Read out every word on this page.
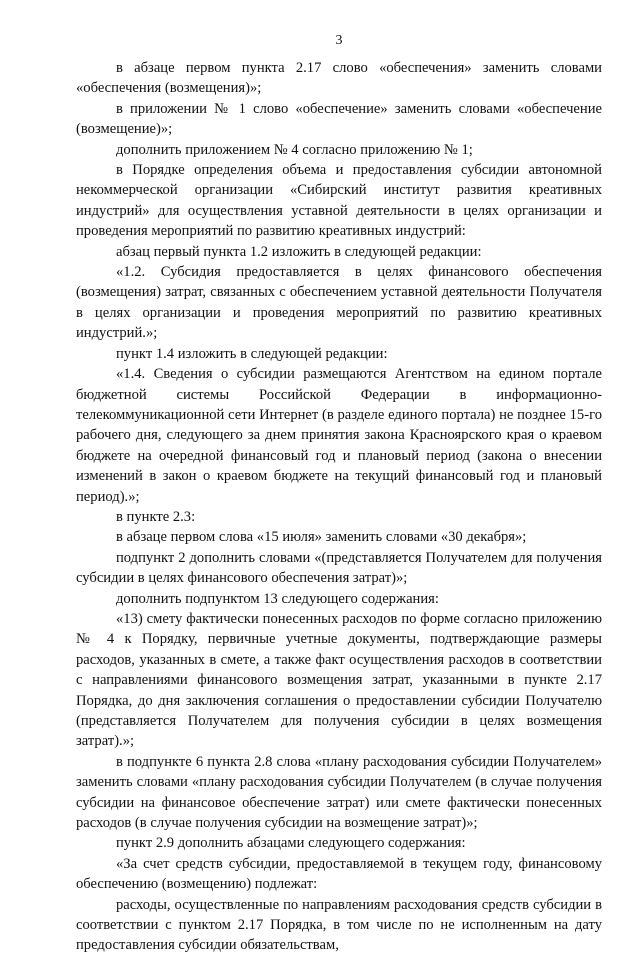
3

в абзаце первом пункта 2.17 слово «обеспечения» заменить словами «обеспечения (возмещения)»;

в приложении № 1 слово «обеспечение» заменить словами «обеспечение (возмещение)»;

дополнить приложением № 4 согласно приложению № 1;

в Порядке определения объема и предоставления субсидии автономной некоммерческой организации «Сибирский институт развития креативных индустрий» для осуществления уставной деятельности в целях организации и проведения мероприятий по развитию креативных индустрий:

абзац первый пункта 1.2 изложить в следующей редакции:

«1.2. Субсидия предоставляется в целях финансового обеспечения (возмещения) затрат, связанных с обеспечением уставной деятельности Получателя в целях организации и проведения мероприятий по развитию креативных индустрий.»;

пункт 1.4 изложить в следующей редакции:

«1.4. Сведения о субсидии размещаются Агентством на едином портале бюджетной системы Российской Федерации в информационно-телекоммуникационной сети Интернет (в разделе единого портала) не позднее 15-го рабочего дня, следующего за днем принятия закона Красноярского края о краевом бюджете на очередной финансовый год и плановый период (закона о внесении изменений в закон о краевом бюджете на текущий финансовый год и плановый период).»;

в пункте 2.3:

в абзаце первом слова «15 июля» заменить словами «30 декабря»;

подпункт 2 дополнить словами «(представляется Получателем для получения субсидии в целях финансового обеспечения затрат)»;

дополнить подпунктом 13 следующего содержания:

«13) смету фактически понесенных расходов по форме согласно приложению № 4 к Порядку, первичные учетные документы, подтверждающие размеры расходов, указанных в смете, а также факт осуществления расходов в соответствии с направлениями финансового возмещения затрат, указанными в пункте 2.17 Порядка, до дня заключения соглашения о предоставлении субсидии Получателю (представляется Получателем для получения субсидии в целях возмещения затрат).»;

в подпункте 6 пункта 2.8 слова «плану расходования субсидии Получателем» заменить словами «плану расходования субсидии Получателем (в случае получения субсидии на финансовое обеспечение затрат) или смете фактически понесенных расходов (в случае получения субсидии на возмещение затрат)»;

пункт 2.9 дополнить абзацами следующего содержания:

«За счет средств субсидии, предоставляемой в текущем году, финансовому обеспечению (возмещению) подлежат:

расходы, осуществленные по направлениям расходования средств субсидии в соответствии с пунктом 2.17 Порядка, в том числе по не исполненным на дату предоставления субсидии обязательствам,
